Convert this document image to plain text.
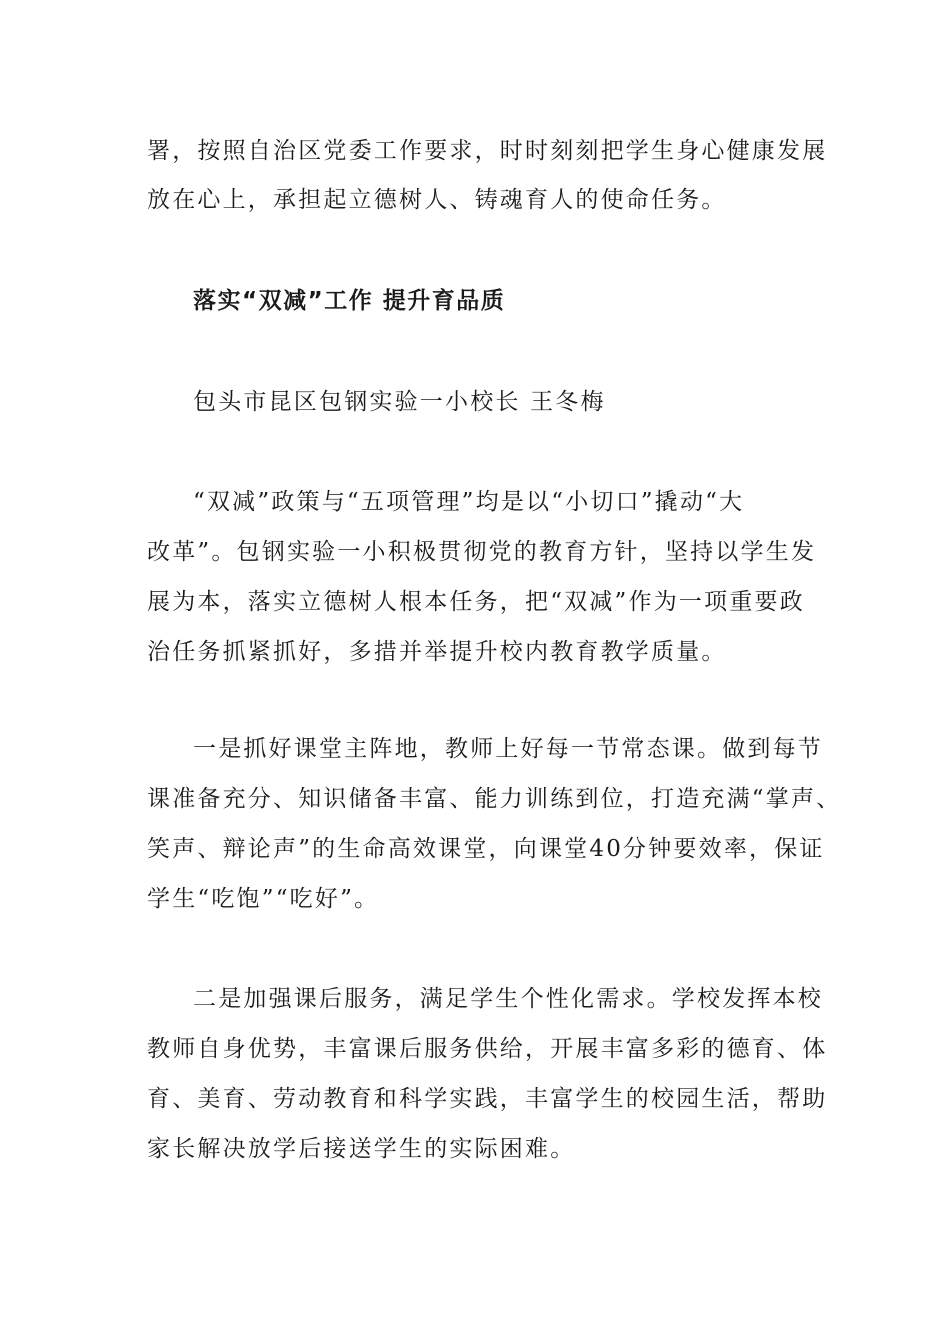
署，按照自治区党委工作要求，时时刻刻把学生身心健康发展
放在心上，承担起立德树人、铸魂育人的使命任务。
落实“双减”工作 提升育品质
包头市昆区包钢实验一小校长 王冬梅
“双减”政策与“五项管理”均是以“小切口”撬动“大
改革”。包钢实验一小积极贯彻党的教育方针，坚持以学生发
展为本，落实立德树人根本任务，把“双减”作为一项重要政
治任务抓紧抓好，多措并举提升校内教育教学质量。
一是抓好课堂主阵地，教师上好每一节常态课。做到每节
课准备充分、知识储备丰富、能力训练到位，打造充满“掌声、
笑声、辩论声”的生命高效课堂，向课堂40分钟要效率，保证
学生“吃饱”“吃好”。
二是加强课后服务，满足学生个性化需求。学校发挥本校
教师自身优势，丰富课后服务供给，开展丰富多彩的德育、体
育、美育、劳动教育和科学实践，丰富学生的校园生活，帮助
家长解决放学后接送学生的实际困难。
